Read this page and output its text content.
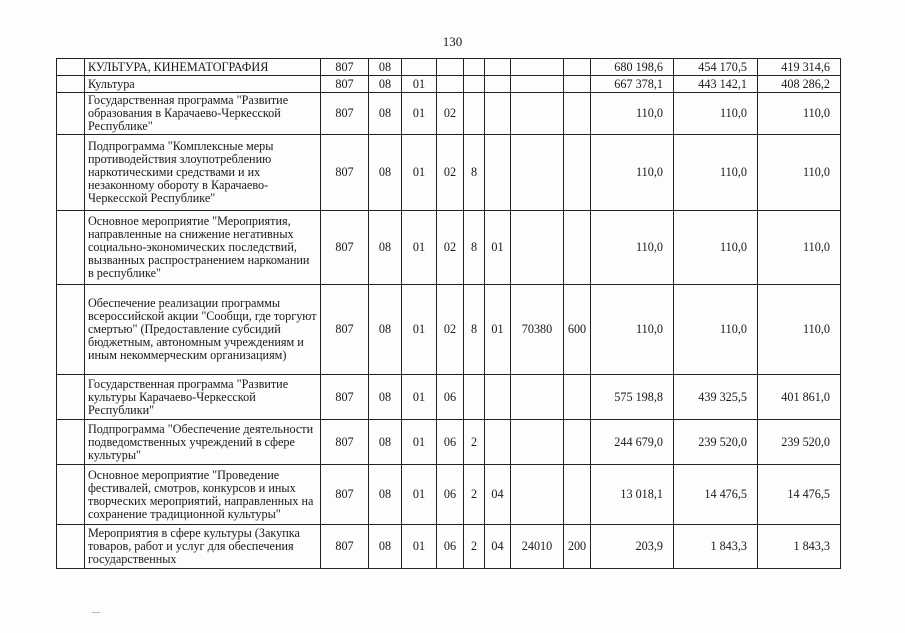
130
	КУЛЬТУРА, КИНЕМАТОГРАФИЯ	807	08							680 198,6	454 170,5	419 314,6
	Культура	807	08	01						667 378,1	443 142,1	408 286,2
	Государственная программа "Развитие образования в Карачаево-Черкесской Республике"	807	08	01	02					110,0	110,0	110,0
	Подпрограмма "Комплексные меры противодействия злоупотреблению наркотическими средствами и их незаконному обороту в Карачаево-Черкесской Республике"	807	08	01	02	8				110,0	110,0	110,0
	Основное мероприятие "Мероприятия, направленные на снижение негативных социально-экономических последствий, вызванных распространением наркомании в республике"	807	08	01	02	8	01			110,0	110,0	110,0
	Обеспечение реализации программы всероссийской акции "Сообщи, где торгуют смертью" (Предоставление субсидий бюджетным, автономным учреждениям и иным некоммерческим организациям)	807	08	01	02	8	01	70380	600	110,0	110,0	110,0
	Государственная программа "Развитие культуры Карачаево-Черкесской Республики"	807	08	01	06					575 198,8	439 325,5	401 861,0
	Подпрограмма "Обеспечение деятельности подведомственных учреждений в сфере культуры"	807	08	01	06	2				244 679,0	239 520,0	239 520,0
	Основное мероприятие "Проведение фестивалей, смотров, конкурсов и иных творческих мероприятий, направленных на сохранение традиционной культуры"	807	08	01	06	2	04			13 018,1	14 476,5	14 476,5
	Мероприятия в сфере культуры (Закупка товаров, работ и услуг для обеспечения государственных	807	08	01	06	2	04	24010	200	203,9	1 843,3	1 843,3
